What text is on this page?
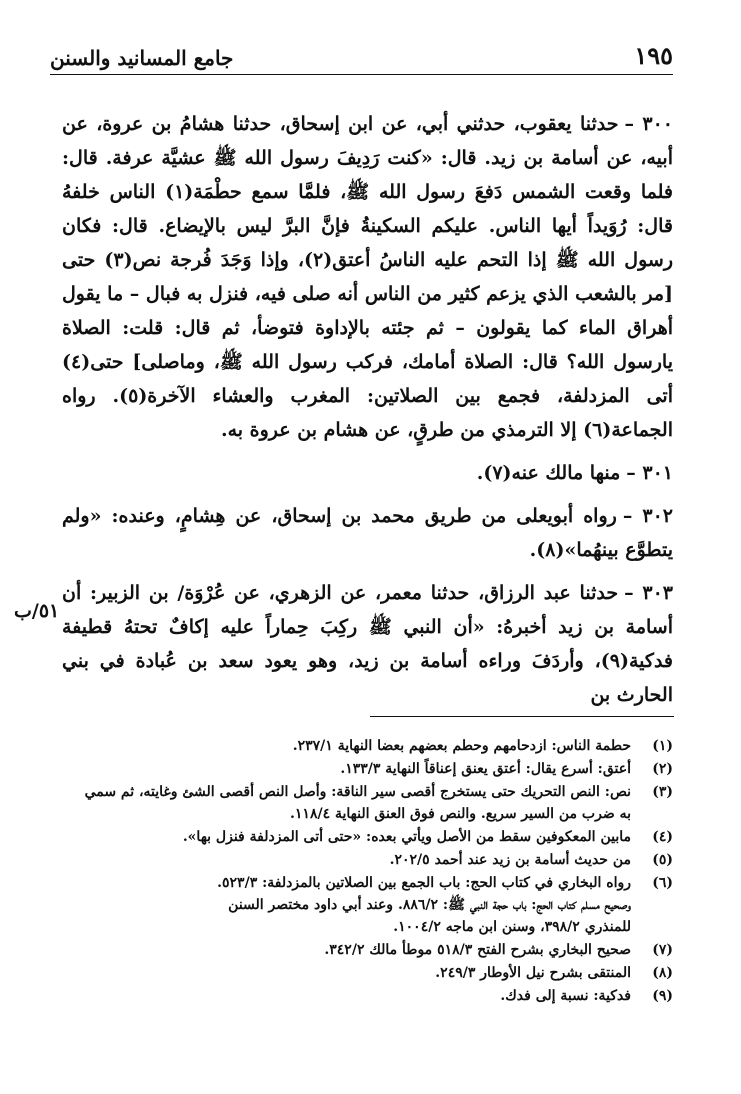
١٩٥
جامع المسانيد والسنن

٣٠٠ –حدثنا يعقوب، حدثني أبي، عن ابن إسحاق، حدثنا هشامُ بن عروة، عن أبيه، عن أسامة بن زيد. قال: «كنت رَدِيفَ رسول الله ﷺ عشيَّة عرفة. قال: فلما وقعت الشمس دَفعَ رسول الله ﷺ، فلمَّا سمع حطْمَة(١) الناس خلفهُ قال: رُوَيداً أيها الناس. عليكم السكينةُ فإنَّ البرَّ ليس بالإيضاع. قال: فكان رسول الله ﷺ إذا التحم عليه الناسُ أعتق(٢)، وإذا وَجَدَ فُرجة نص(٣) حتى [مر بالشعب الذي يزعم كثير من الناس أنه صلى فيه، فنزل به فبال – ما يقول أهراق الماء كما يقولون – ثم جئته بالإداوة فتوضأ، ثم قال: قلت: الصلاة يارسول الله؟ قال: الصلاة أمامك، فركب رسول الله ﷺ، وماصلى] حتى(٤) أتى المزدلفة، فجمع بين الصلاتين: المغرب والعشاء الآخرة(٥). رواه الجماعة(٦) إلا الترمذي من طرقٍ، عن هشام بن عروة به.

٣٠١ –منها مالك عنه(٧).

٣٠٢ –رواه أبويعلى من طريق محمد بن إسحاق، عن هِشامٍ، وعنده: «ولم يتطوَّع بينهُما»(٨).

٣٠٣ –حدثنا عبد الرزاق، حدثنا معمر، عن الزهري، عن عُرْوَة/ بن الزبير: أن أسامة بن زيد أخبرهُ: «أن النبي ﷺ ركِبَ حِماراً عليه إكافٌ تحتهُ قطيفة فدكية(٩)، وأردَفَ وراءه أسامة بن زيد، وهو يعود سعد بن عُبادة في بني الحارث بن

٥١/ب
(١)
حطمة الناس: ازدحامهم وحطم بعضهم بعضا النهاية ٢٣٧/١.
(٢)
أعتق: أسرع يقال: أعتق يعنق إعناقاً النهاية ١٣٣/٣.
(٣)
نص: النص التحريك حتى يستخرج أقصى سير الناقة: وأصل النص أقصى الشئ وغايته، ثم سمي
به ضرب من السير سريع. والنص فوق العنق النهاية ١١٨/٤.
(٤)
مابين المعكوفين سقط من الأصل ويأتي بعده: «حتى أتى المزدلفة فنزل بها».
(٥)
من حديث أسامة بن زيد عند أحمد ٢٠٢/٥.
(٦)
رواه البخاري في كتاب الحج: باب الجمع بين الصلاتين بالمزدلفة: ٥٢٣/٣.
وصحيح مسلم كتاب الحج: باب حجة النبي ﷺ: ٨٨٦/٢. وعند أبي داود مختصر السنن
للمنذري ٣٩٨/٢، وسنن ابن ماجه ١٠٠٤/٢.
(٧)
صحيح البخاري بشرح الفتح ٥١٨/٣ موطأ مالك ٣٤٢/٢.
(٨)
المنتقى بشرح نيل الأوطار ٢٤٩/٣.
(٩)
فدكية: نسبة إلى فدك.
